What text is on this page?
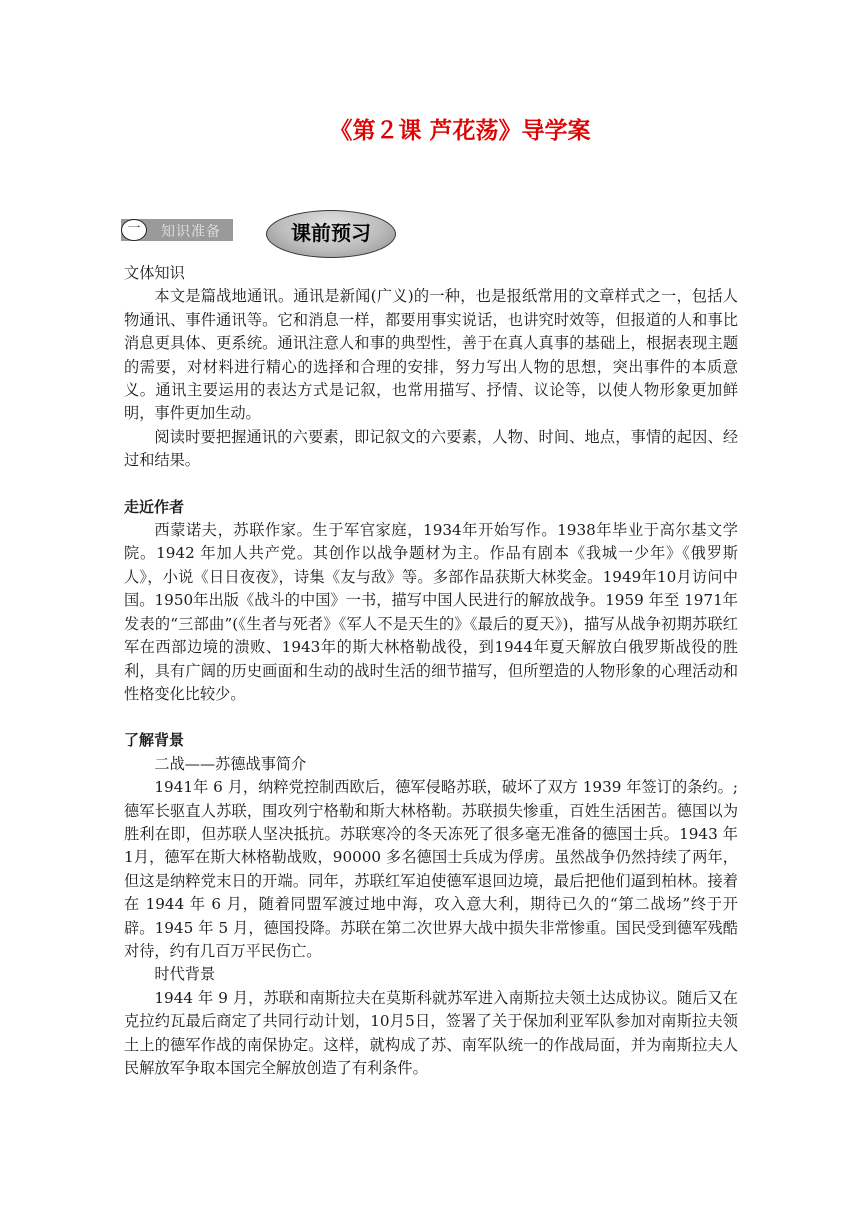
《第２课 芦花荡》导学案
一	知识准备	课前预习

文体知识

本文是篇战地通讯。通讯是新闻(广义)的一种，也是报纸常用的文章样式之一，包括人物通讯、事件通讯等。它和消息一样，都要用事实说话，也讲究时效等，但报道的人和事比消息更具体、更系统。通讯注意人和事的典型性，善于在真人真事的基础上，根据表现主题的需要，对材料进行精心的选择和合理的安排，努力写出人物的思想，突出事件的本质意义。通讯主要运用的表达方式是记叙，也常用描写、抒情、议论等，以使人物形象更加鲜明，事件更加生动。

阅读时要把握通讯的六要素，即记叙文的六要素，人物、时间、地点，事情的起因、经过和结果。

走近作者

西蒙诺夫，苏联作家。生于军官家庭，1934年开始写作。1938年毕业于高尔基文学院。1942 年加人共产党。其创作以战争题材为主。作品有剧本《我城一少年》《俄罗斯人》，小说《日日夜夜》，诗集《友与敌》等。多部作品获斯大林奖金。1949年10月访问中国。1950年出版《战斗的中国》一书，描写中国人民进行的解放战争。1959 年至 1971年发表的“三部曲”(《生者与死者》《军人不是天生的》《最后的夏天》)，描写从战争初期苏联红军在西部边境的溃败、1943年的斯大林格勒战役，到1944年夏天解放白俄罗斯战役的胜利，具有广阔的历史画面和生动的战时生活的细节描写，但所塑造的人物形象的心理活动和性格变化比较少。

了解背景

二战——苏德战事简介

1941年 6 月，纳粹党控制西欧后，德军侵略苏联，破坏了双方 1939 年签订的条约。;德军长驱直人苏联，围攻列宁格勒和斯大林格勒。苏联损失惨重，百姓生活困苦。德国以为胜利在即，但苏联人坚决抵抗。苏联寒冷的冬天冻死了很多毫无准备的德国士兵。1943 年 1月，德军在斯大林格勒战败，90000 多名德国士兵成为俘虏。虽然战争仍然持续了两年，但这是纳粹党末日的开端。同年，苏联红军迫使德军退回边境，最后把他们逼到柏林。接着在 1944 年 6 月，随着同盟军渡过地中海，攻入意大利，期待已久的“第二战场”终于开辟。1945 年 5 月，德国投降。苏联在第二次世界大战中损失非常惨重。国民受到德军残酷对待，约有几百万平民伤亡。

时代背景

1944 年 9 月，苏联和南斯拉夫在莫斯科就苏军进入南斯拉夫领土达成协议。随后又在克拉约瓦最后商定了共同行动计划，10月5日，签署了关于保加利亚军队参加对南斯拉夫领土上的德军作战的南保协定。这样，就构成了苏、南军队统一的作战局面，并为南斯拉夫人民解放军争取本国完全解放创造了有利条件。
